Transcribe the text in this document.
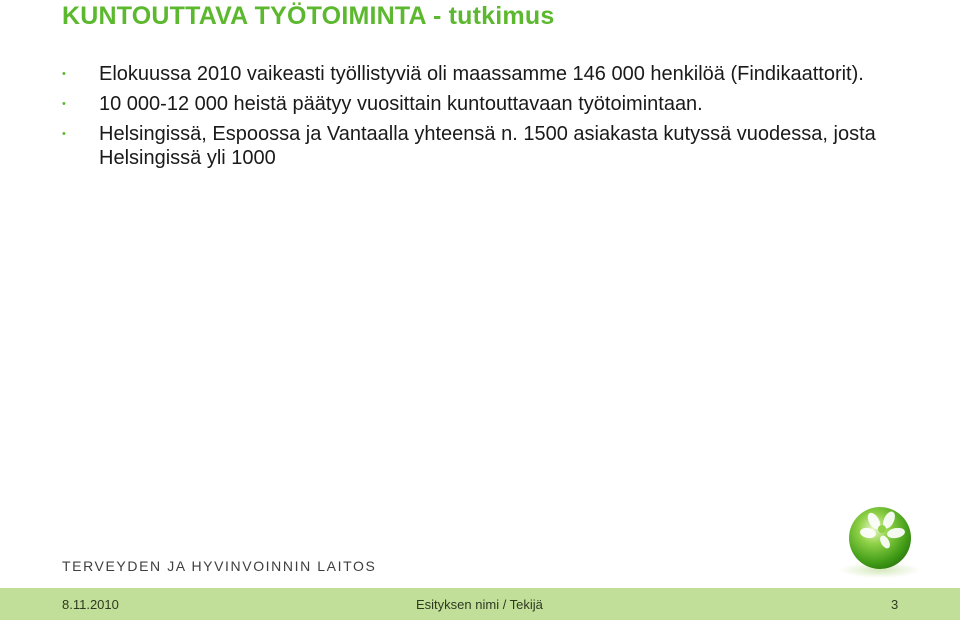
KUNTOUTTAVA TYÖTOIMINTA - tutkimus
•	Elokuussa 2010 vaikeasti työllistyviä oli maassamme 146 000 henkilöä (Findikaattorit).
•	10 000-12 000 heistä päätyy vuosittain kuntouttavaan työtoimintaan.
•	Helsingissä, Espoossa ja Vantaalla yhteensä n. 1500 asiakasta kutyssä vuodessa, josta Helsingissä yli 1000
TERVEYDEN JA HYVINVOINNIN LAITOS
8.11.2010	Esityksen nimi / Tekijä	3
